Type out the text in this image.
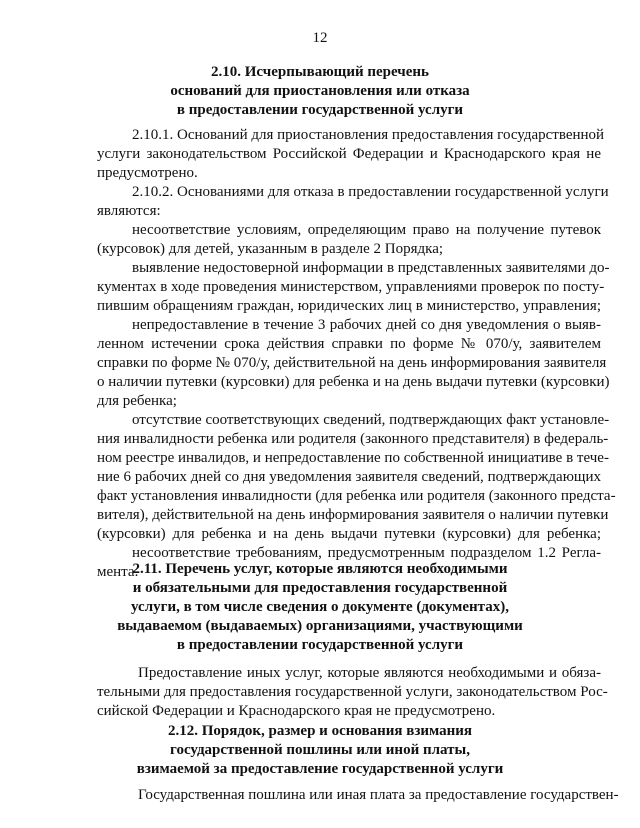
12
2.10. Исчерпывающий перечень
оснований для приостановления или отказа
в предоставлении государственной услуги
2.10.1. Оснований для приостановления предоставления государственной
услуги законодательством Российской Федерации и Краснодарского края не
предусмотрено.
2.10.2. Основаниями для отказа в предоставлении государственной услуги
являются:
несоответствие условиям, определяющим право на получение путевок
(курсовок) для детей, указанным в разделе 2 Порядка;
выявление недостоверной информации в представленных заявителями до-
кументах в ходе проведения министерством, управлениями проверок по посту-
пившим обращениям граждан, юридических лиц в министерство, управления;
непредоставление в течение 3 рабочих дней со дня уведомления о выяв-
ленном истечении срока действия справки по форме № 070/у, заявителем
справки по форме № 070/у, действительной на день информирования заявителя
о наличии путевки (курсовки) для ребенка и на день выдачи путевки (курсовки)
для ребенка;
отсутствие соответствующих сведений, подтверждающих факт установле-
ния инвалидности ребенка или родителя (законного представителя) в федераль-
ном реестре инвалидов, и непредоставление по собственной инициативе в тече-
ние 6 рабочих дней со дня уведомления заявителя сведений, подтверждающих
факт установления инвалидности (для ребенка или родителя (законного предста-
вителя), действительной на день информирования заявителя о наличии путевки
(курсовки) для ребенка и на день выдачи путевки (курсовки) для ребенка;
несоответствие требованиям, предусмотренным подразделом 1.2 Регла-
мента.
2.11. Перечень услуг, которые являются необходимыми
и обязательными для предоставления государственной
услуги, в том числе сведения о документе (документах),
выдаваемом (выдаваемых) организациями, участвующими
в предоставлении государственной услуги
Предоставление иных услуг, которые являются необходимыми и обяза-
тельными для предоставления государственной услуги, законодательством Рос-
сийской Федерации и Краснодарского края не предусмотрено.
2.12. Порядок, размер и основания взимания
государственной пошлины или иной платы,
взимаемой за предоставление государственной услуги
Государственная пошлина или иная плата за предоставление государствен-
